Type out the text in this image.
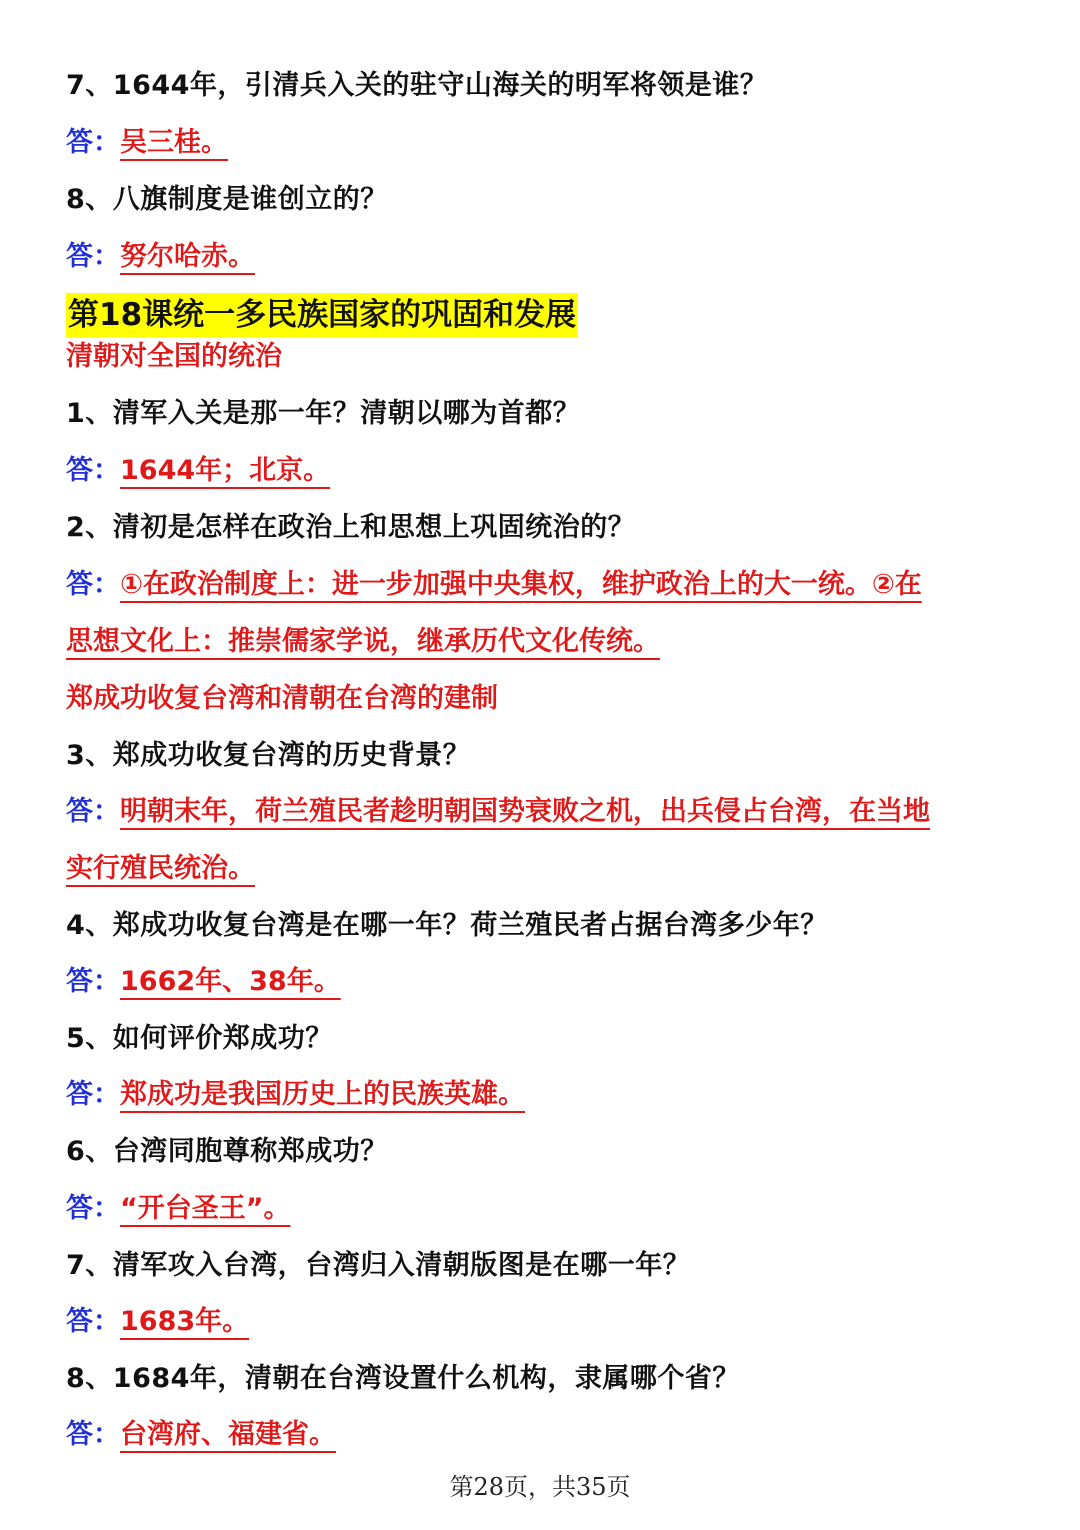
7、1644年，引清兵入关的驻守山海关的明军将领是谁？
答：吴三桂。
8、八旗制度是谁创立的？
答：努尔哈赤。
第18课统一多民族国家的巩固和发展
清朝对全国的统治
1、清军入关是那一年？清朝以哪为首都？
答：1644年；北京。
2、清初是怎样在政治上和思想上巩固统治的？
答：①在政治制度上：进一步加强中央集权，维护政治上的大一统。②在
思想文化上：推崇儒家学说，继承历代文化传统。
郑成功收复台湾和清朝在台湾的建制
3、郑成功收复台湾的历史背景？
答：明朝末年，荷兰殖民者趁明朝国势衰败之机，出兵侵占台湾，在当地
实行殖民统治。
4、郑成功收复台湾是在哪一年？荷兰殖民者占据台湾多少年？
答：1662年、38年。
5、如何评价郑成功？
答：郑成功是我国历史上的民族英雄。
6、台湾同胞尊称郑成功？
答：“开台圣王”。
7、清军攻入台湾，台湾归入清朝版图是在哪一年？
答：1683年。
8、1684年，清朝在台湾设置什么机构，隶属哪个省？
答：台湾府、福建省。
第28页，共35页
